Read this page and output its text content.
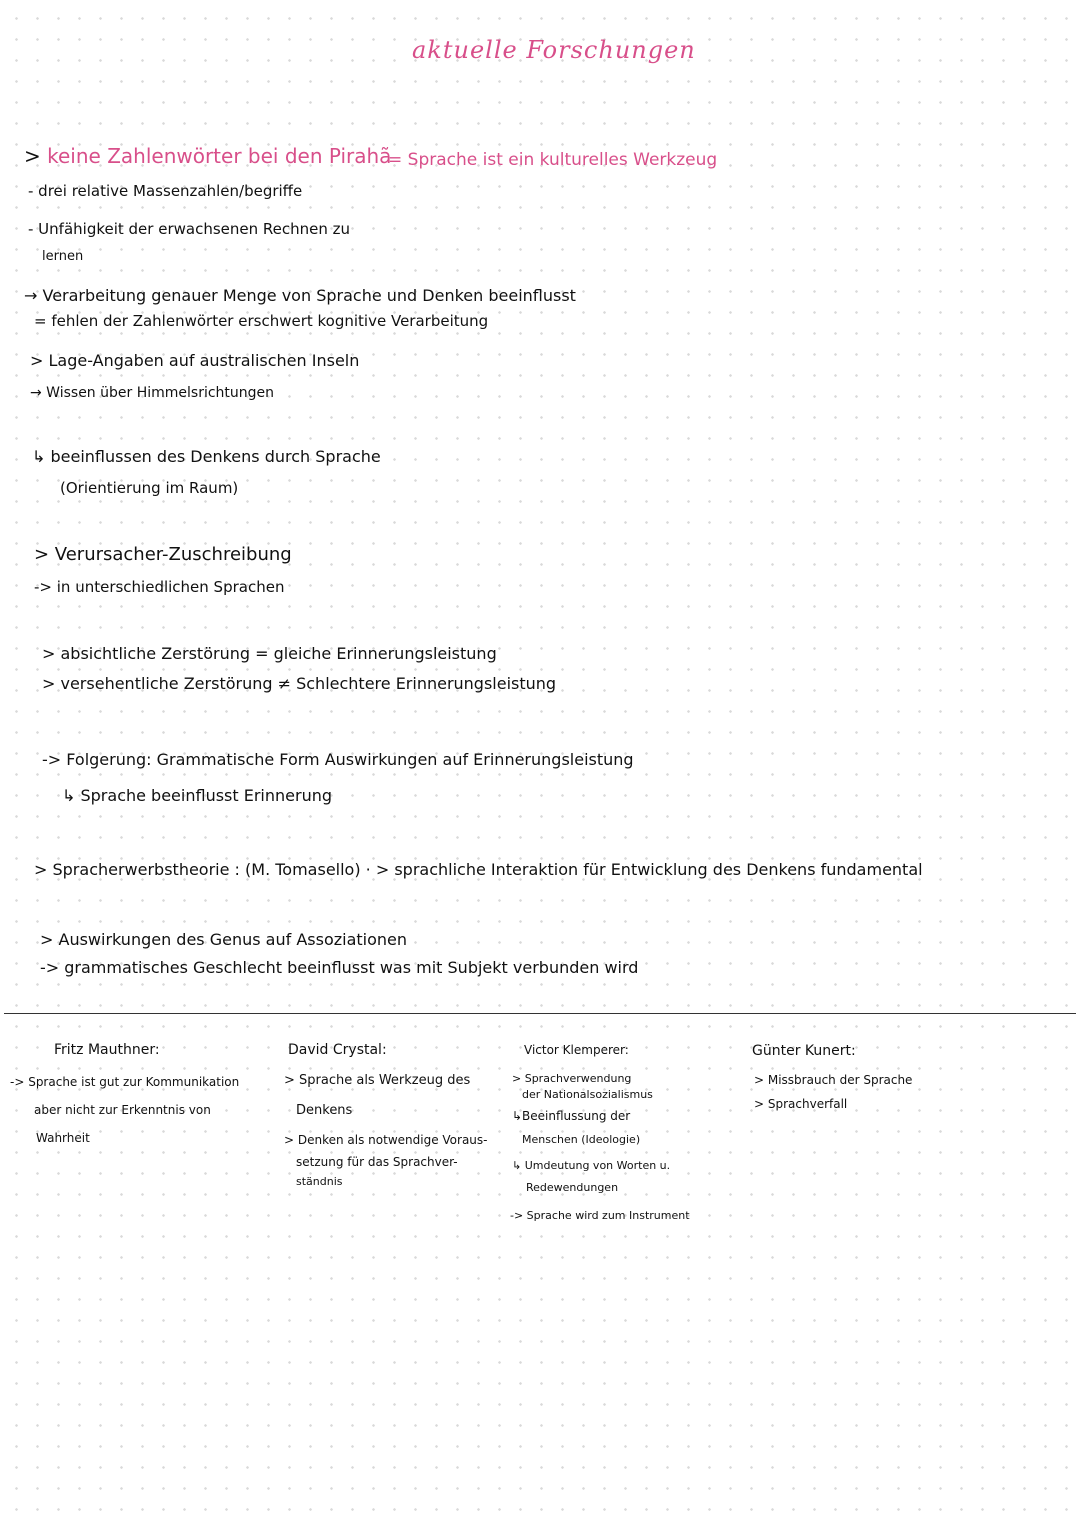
aktuelle Forschungen
> keine Zahlenwörter bei den Pirahã
= Sprache ist ein kulturelles Werkzeug
- drei relative Massenzahlen/begriffe
- Unfähigkeit der erwachsenen Rechnen zu
lernen
→ Verarbeitung genauer Menge von Sprache und Denken beeinflusst
= fehlen der Zahlenwörter erschwert kognitive Verarbeitung
> Lage-Angaben auf australischen Inseln
→ Wissen über Himmelsrichtungen
↳ beeinflussen des Denkens durch Sprache
(Orientierung im Raum)
> Verursacher-Zuschreibung
-> in unterschiedlichen Sprachen
> absichtliche Zerstörung = gleiche Erinnerungsleistung
> versehentliche Zerstörung ≠ Schlechtere Erinnerungsleistung
-> Folgerung: Grammatische Form Auswirkungen auf Erinnerungsleistung
↳ Sprache beeinflusst Erinnerung
> Spracherwerbstheorie : (M. Tomasello) · > sprachliche Interaktion für Entwicklung des Denkens fundamental
> Auswirkungen des Genus auf Assoziationen
-> grammatisches Geschlecht beeinflusst was mit Subjekt verbunden wird
Fritz Mauthner:
-> Sprache ist gut zur Kommunikation
aber nicht zur Erkenntnis von
Wahrheit
David Crystal:
> Sprache als Werkzeug des
Denkens
> Denken als notwendige Voraus-
setzung für das Sprachver-
ständnis
Victor Klemperer:
> Sprachverwendung
der Nationalsozialismus
↳Beeinflussung der
Menschen (Ideologie)
↳ Umdeutung von Worten u.
Redewendungen
-> Sprache wird zum Instrument
Günter Kunert:
> Missbrauch der Sprache
> Sprachverfall
